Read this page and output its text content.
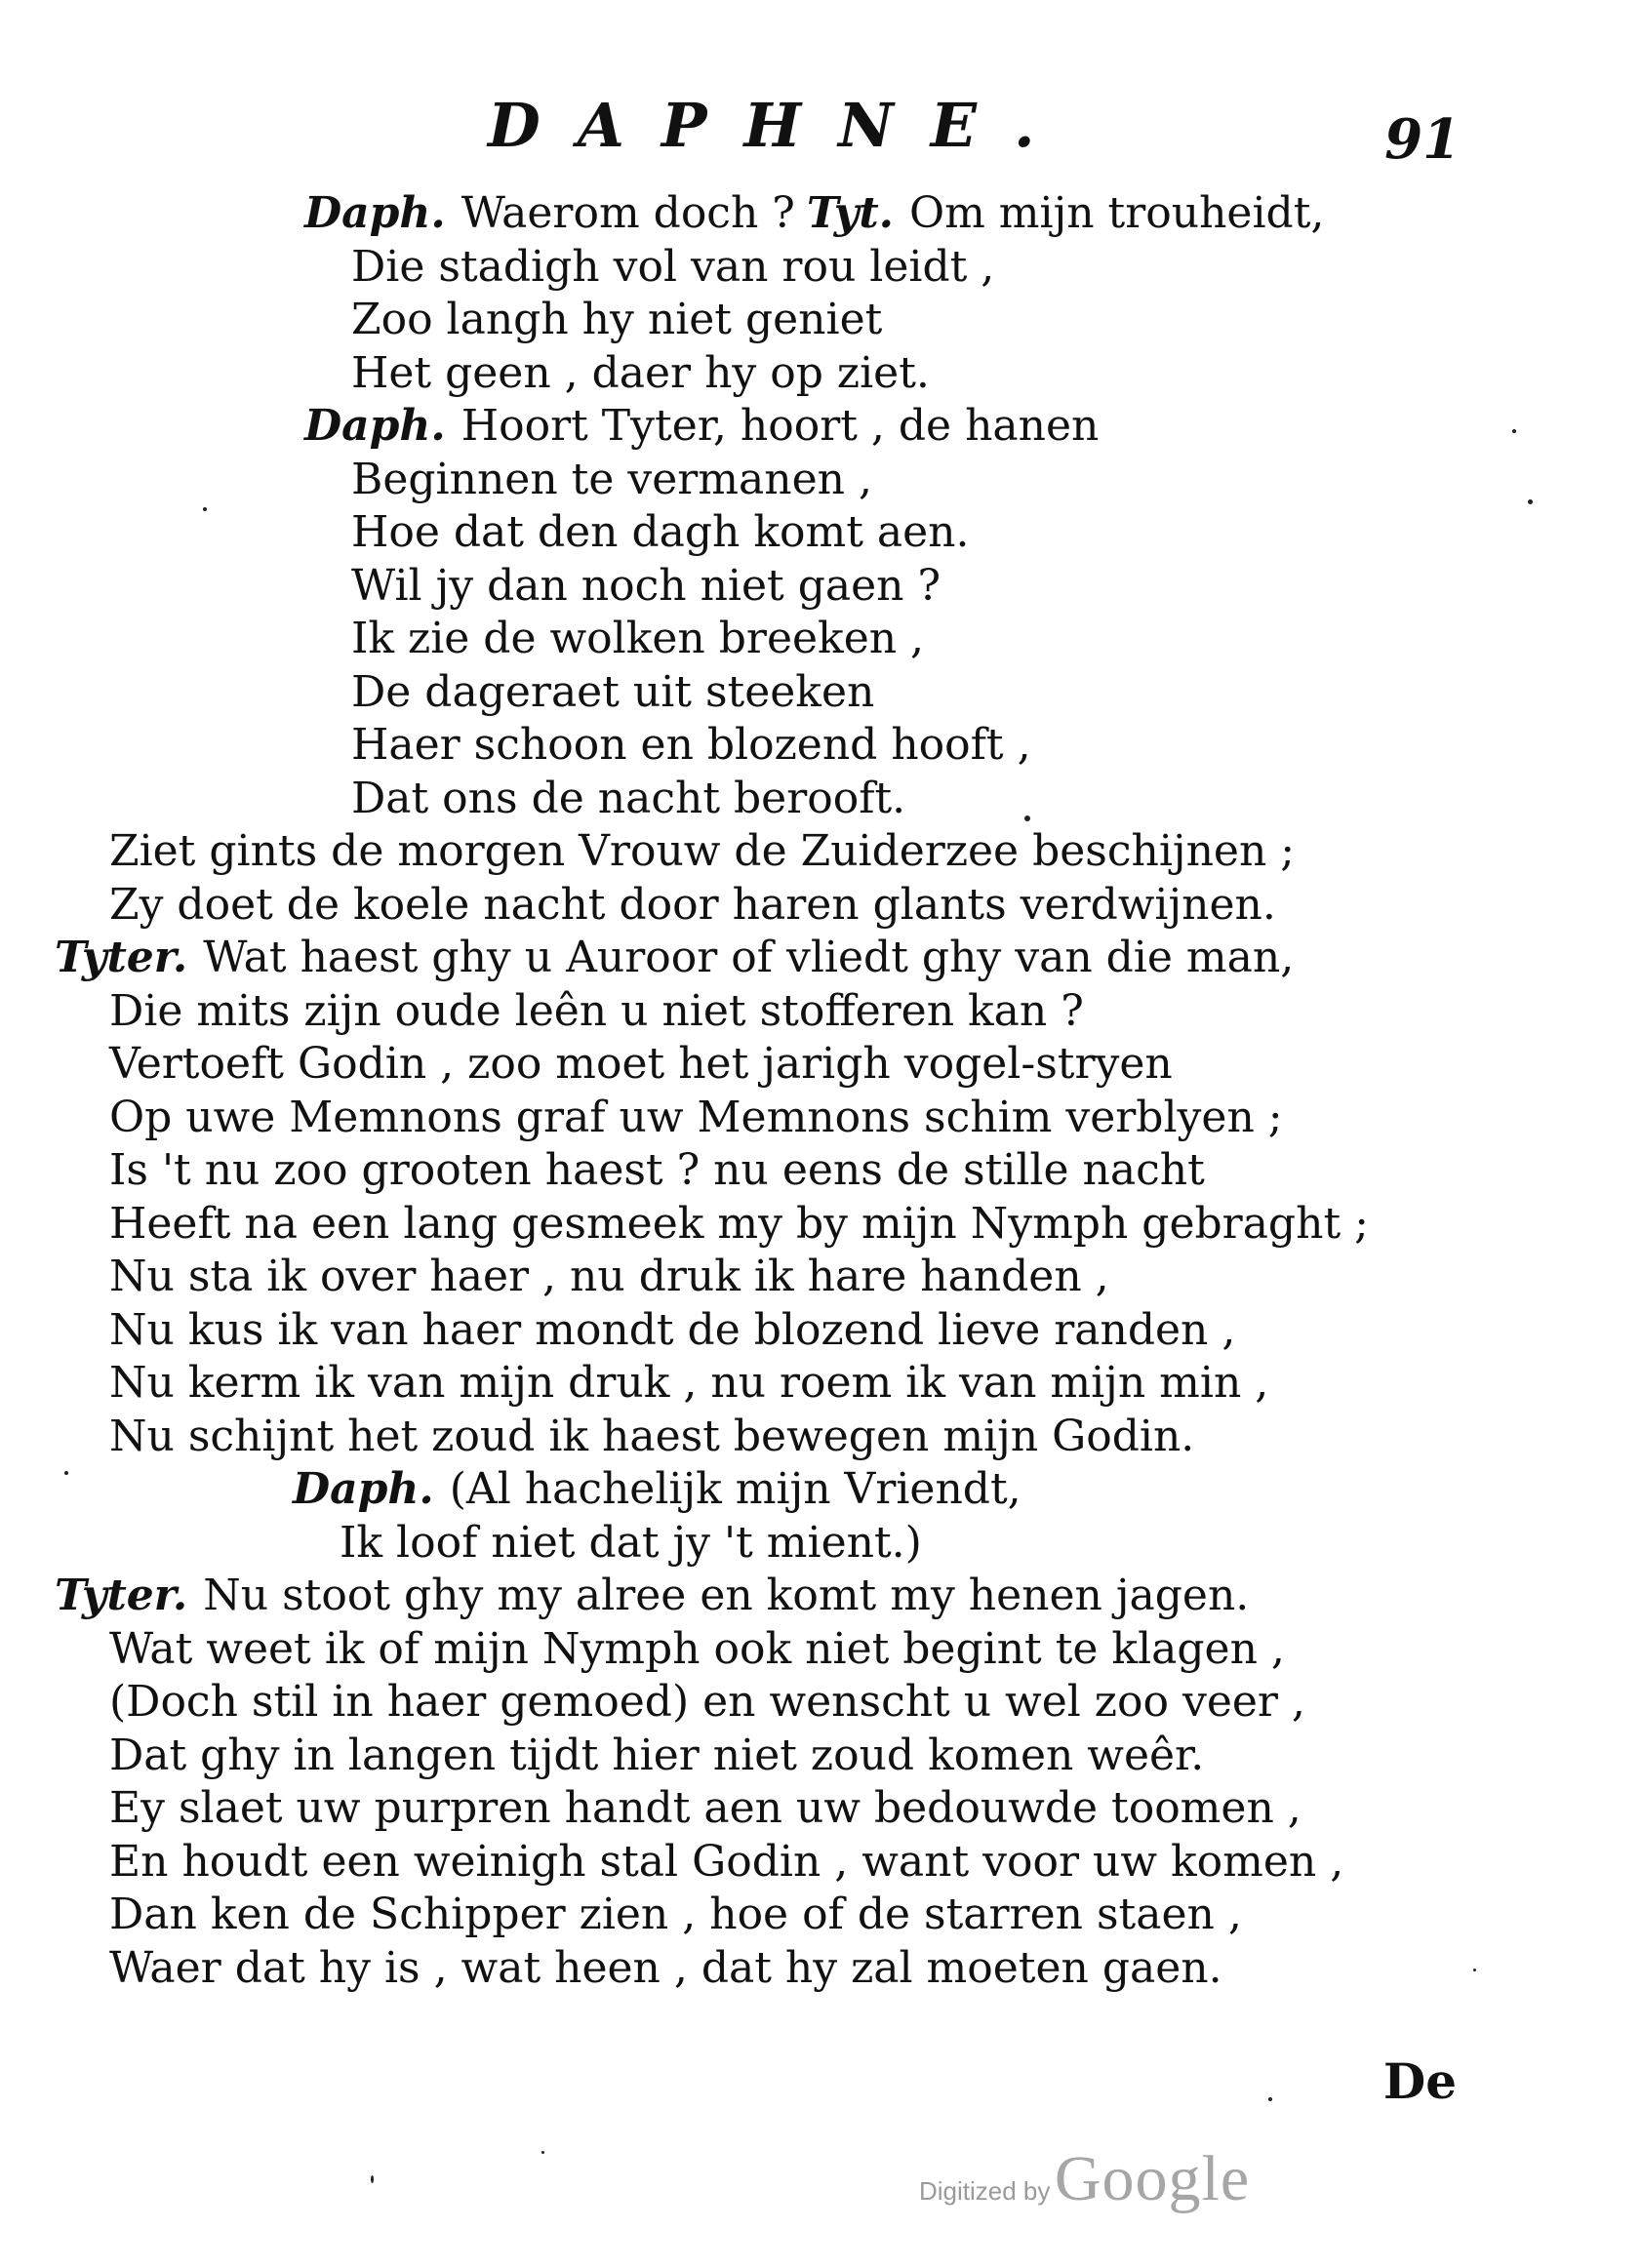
DAPHNE.	91
Daph. Waerom doch ? Tyt. Om mijn trouheidt,
Die stadigh vol van rou leidt ,
Zoo langh hy niet geniet
Het geen , daer hy op ziet.
Daph. Hoort Tyter, hoort , de hanen
Beginnen te vermanen ,
Hoe dat den dagh komt aen.
Wil jy dan noch niet gaen ?
Ik zie de wolken breeken ,
De dageraet uit steeken
Haer schoon en blozend hooft ,
Dat ons de nacht berooft.
Ziet gints de morgen Vrouw de Zuiderzee beschijnen ;
Zy doet de koele nacht door haren glants verdwijnen.
Tyter. Wat haest ghy u Auroor of vliedt ghy van die man,
Die mits zijn oude leên u niet stofferen kan ?
Vertoeft Godin , zoo moet het jarigh vogel-stryen
Op uwe Memnons graf uw Memnons schim verblyen ;
Is 't nu zoo grooten haest ? nu eens de stille nacht
Heeft na een lang gesmeek my by mijn Nymph gebraght ;
Nu sta ik over haer , nu druk ik hare handen ,
Nu kus ik van haer mondt de blozend lieve randen ,
Nu kerm ik van mijn druk , nu roem ik van mijn min ,
Nu schijnt het zoud ik haest bewegen mijn Godin.
Daph. (Al hachelijk mijn Vriendt,
Ik loof niet dat jy 't mient.)
Tyter. Nu stoot ghy my alree en komt my henen jagen.
Wat weet ik of mijn Nymph ook niet begint te klagen ,
(Doch stil in haer gemoed) en wenscht u wel zoo veer ,
Dat ghy in langen tijdt hier niet zoud komen weêr.
Ey slaet uw purpren handt aen uw bedouwde toomen ,
En houdt een weinigh stal Godin , want voor uw komen ,
Dan ken de Schipper zien , hoe of de starren staen ,
Waer dat hy is , wat heen , dat hy zal moeten gaen.
De
Digitized by Google
